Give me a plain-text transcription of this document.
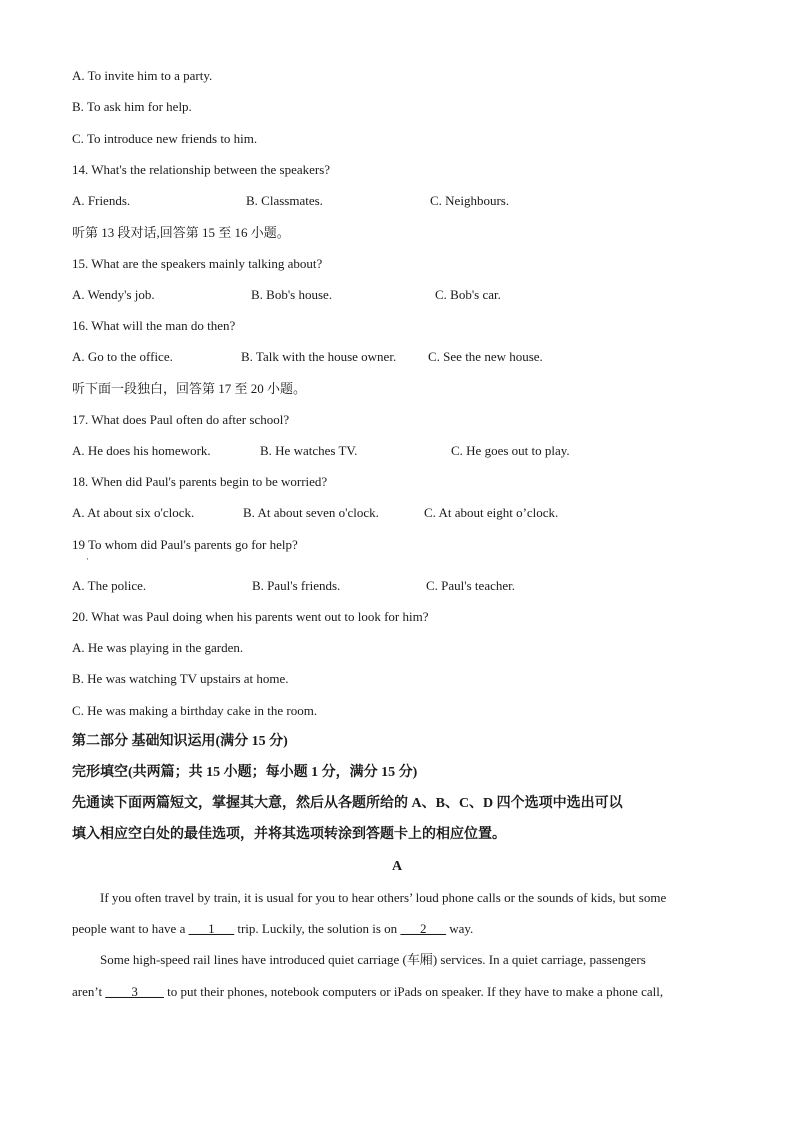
A. To invite him to a party.
B. To ask him for help.
C. To introduce new friends to him.
14. What's the relationship between the speakers?
A. Friends.	B. Classmates.	C. Neighbours.
听第 13 段对话,回答第 15 至 16 小题。
15. What are the speakers mainly talking about?
A. Wendy's job.	B. Bob's house.	C. Bob's car.
16. What will the man do then?
A. Go to the office.	B. Talk with the house owner. C. See the new house.
听下面一段独白，回答第 17 至 20 小题。
17. What does Paul often do after school?
A. He does his homework.	B. He watches TV.	C. He goes out to play.
18. When did Paul's parents begin to be worried?
A. At about six o'clock.	B. At about seven o'clock.	C. At about eight o’clock.
19 To whom did Paul's parents go for help?
·
A. The police.	B. Paul's friends.	C. Paul's teacher.
20. What was Paul doing when his parents went out to look for him?
A. He was playing in the garden.
B. He was watching TV upstairs at home.
C. He was making a birthday cake in the room.
第二部分 基础知识运用(满分 15 分)
完形填空(共两篇；共 15 小题；每小题 1 分，满分 15 分)
先通读下面两篇短文，掌握其大意，然后从各题所给的 A、B、C、D 四个选项中选出可以
填入相应空白处的最佳选项，并将其选项转涂到答题卡上的相应位置。
A
If you often travel by train, it is usual for you to hear others’ loud phone calls or the sounds of kids, but some
people want to have a ___1___ trip. Luckily, the solution is on ___2___ way.
Some high-speed rail lines have introduced quiet carriage (车厢) services. In a quiet carriage, passengers
aren’t ____3____ to put their phones, notebook computers or iPads on speaker. If they have to make a phone call,
